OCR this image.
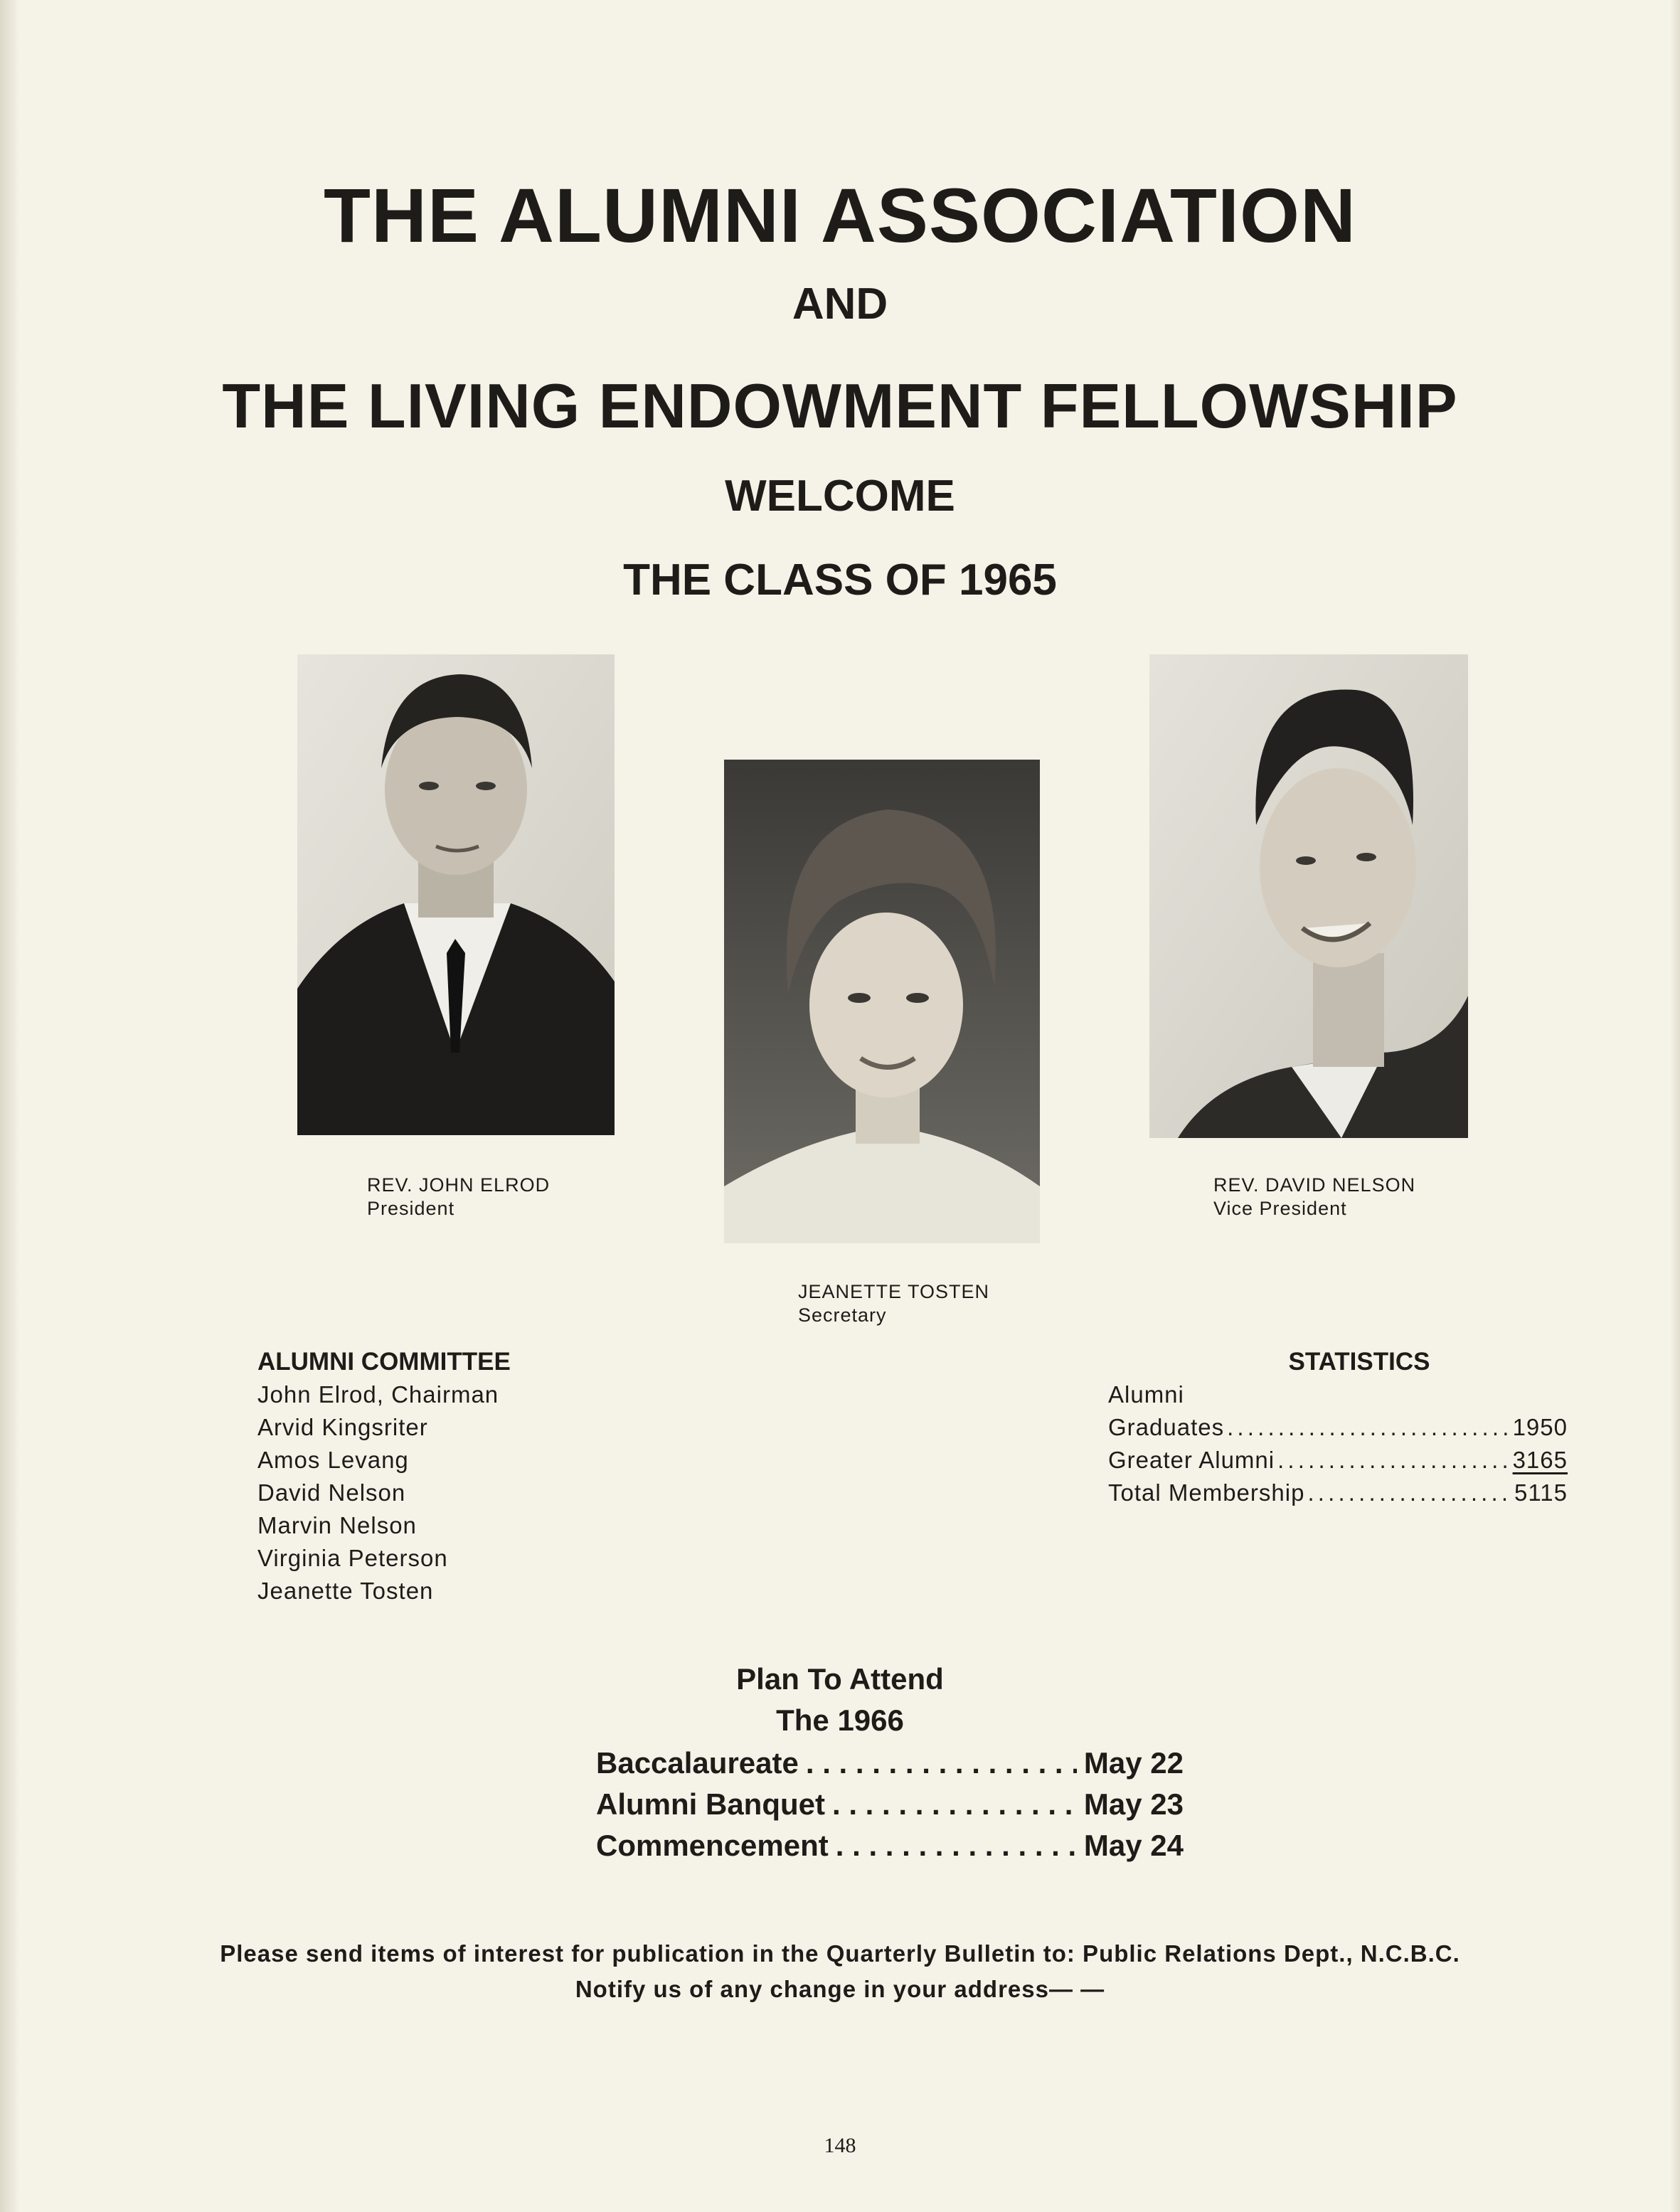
THE ALUMNI ASSOCIATION
AND
THE LIVING ENDOWMENT FELLOWSHIP
WELCOME
THE CLASS OF 1965
REV. JOHN ELROD
President
JEANETTE TOSTEN
Secretary
REV. DAVID NELSON
Vice President
ALUMNI COMMITTEE
John Elrod, Chairman
Arvid Kingsriter
Amos Levang
David Nelson
Marvin Nelson
Virginia Peterson
Jeanette Tosten
STATISTICS
Alumni
Graduates . . .	1950
Greater Alumni . . .	3165
Total Membership . . .	5115
Plan To Attend
The 1966
Baccalaureate . .	May 22
Alumni Banquet . .	May 23
Commencement . .	May 24
Please send items of interest for publication in the Quarterly Bulletin to: Public Relations Dept., N.C.B.C.
Notify us of any change in your address— —
148
